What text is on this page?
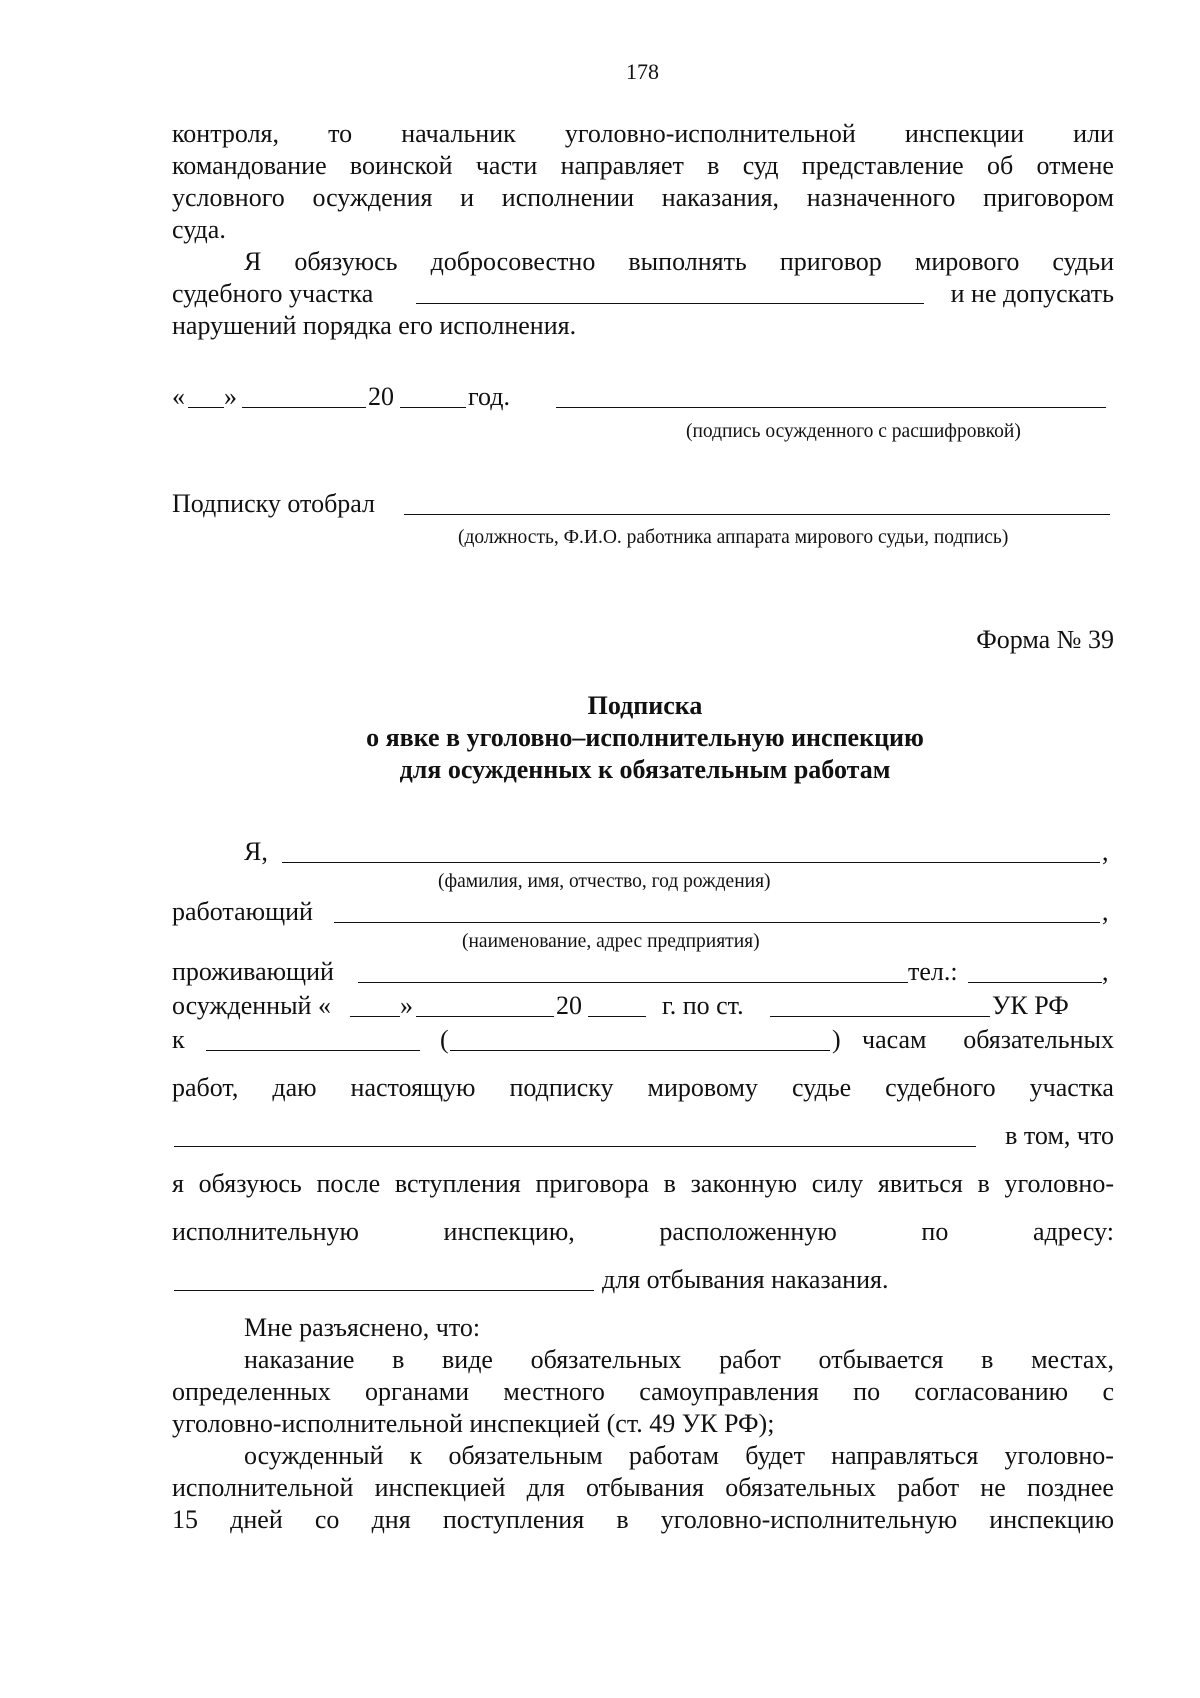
178
контроля, то начальник уголовно-исполнительной инспекции или
командование воинской части направляет в суд представление об отмене
условного осуждения и исполнении наказания, назначенного приговором
суда.
Я обязуюсь добросовестно выполнять приговор мирового судьи
судебного участка	и не допускать
нарушений порядка его исполнения.
« »	20	год.
(подпись осужденного с расшифровкой)
Подписку отобрал
(должность, Ф.И.О. работника аппарата мирового судьи, подпись)
Форма № 39
Подписка
о явке в уголовно–исполнительную инспекцию
для осужденных к обязательным работам
Я,	,
(фамилия, имя, отчество, год рождения)
работающий	,
(наименование, адрес предприятия)
проживающий	тел.:	,
осужденный «	»	20	г. по ст.	УК РФ
к	(	) часам обязательных
работ, даю настоящую подписку мировому судье судебного участка
в том, что
я обязуюсь после вступления приговора в законную силу явиться в уголовно-
исполнительную	инспекцию,	расположенную	по	адресу:
для отбывания наказания.
Мне разъяснено, что:
наказание в виде обязательных работ отбывается в местах,
определенных органами местного самоуправления по согласованию с
уголовно-исполнительной инспекцией (ст. 49 УК РФ);
осужденный к обязательным работам будет направляться уголовно-
исполнительной инспекцией для отбывания обязательных работ не позднее
15 дней со дня поступления в уголовно-исполнительную инспекцию
